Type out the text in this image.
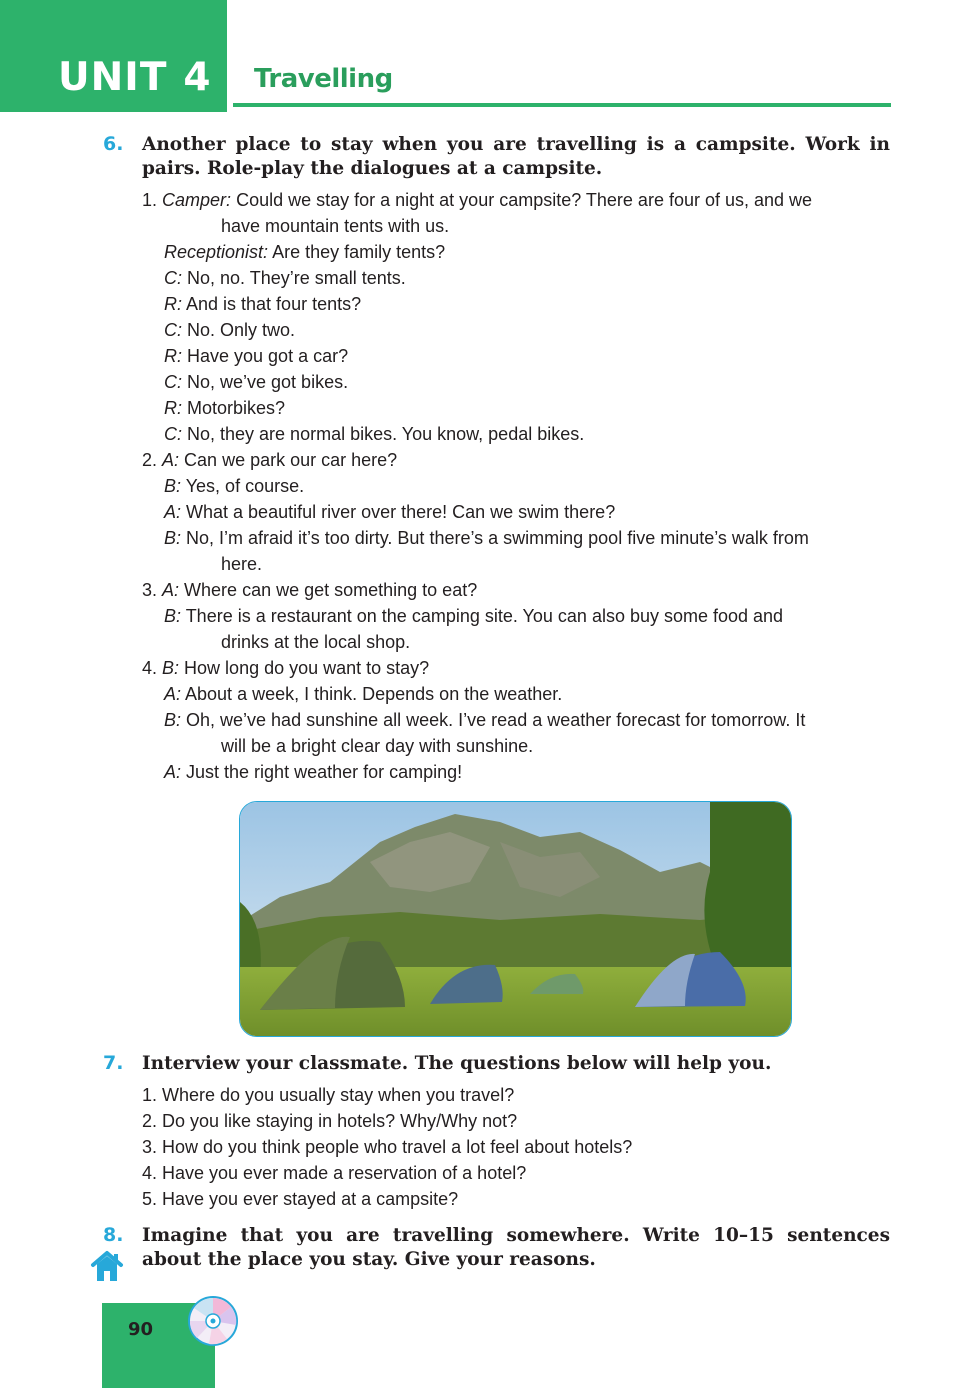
UNIT 4 Travelling
6. Another place to stay when you are travelling is a campsite. Work in pairs. Role-play the dialogues at a campsite.
1. Camper: Could we stay for a night at your campsite? There are four of us, and we
have mountain tents with us.
Receptionist: Are they family tents?
C: No, no. They’re small tents.
R: And is that four tents?
C: No. Only two.
R: Have you got a car?
C: No, we’ve got bikes.
R: Motorbikes?
C: No, they are normal bikes. You know, pedal bikes.
2. A: Can we park our car here?
B: Yes, of course.
A: What a beautiful river over there! Can we swim there?
B: No, I’m afraid it’s too dirty. But there’s a swimming pool five minute’s walk from
here.
3. A: Where can we get something to eat?
B: There is a restaurant on the camping site. You can also buy some food and
drinks at the local shop.
4. B: How long do you want to stay?
A: About a week, I think. Depends on the weather.
B: Oh, we’ve had sunshine all week. I’ve read a weather forecast for tomorrow. It
will be a bright clear day with sunshine.
A: Just the right weather for camping!
7. Interview your classmate. The questions below will help you.
1. Where do you usually stay when you travel?
2. Do you like staying in hotels? Why/Why not?
3. How do you think people who travel a lot feel about hotels?
4. Have you ever made a reservation of a hotel?
5. Have you ever stayed at a campsite?
8. Imagine that you are travelling somewhere. Write 10–15 sentences about the place you stay. Give your reasons.
90
